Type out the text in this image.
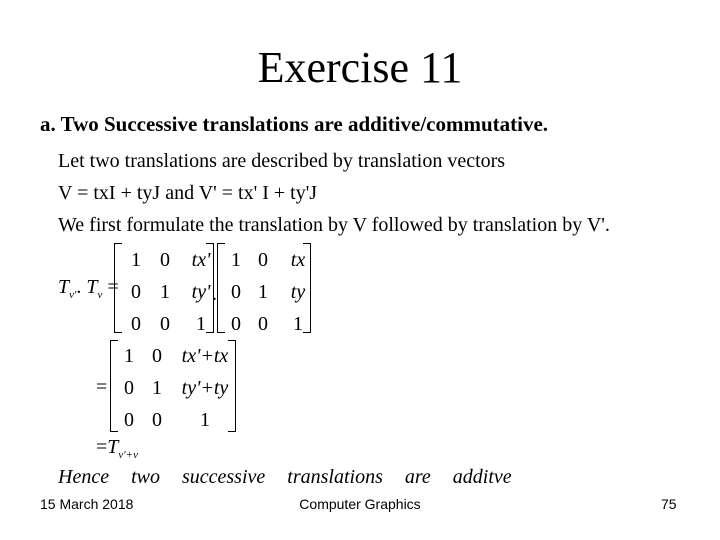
Exercise 11
a. Two Successive translations are additive/commutative.
Let two translations are described by translation vectors
V = txI + tyJ and V' = tx' I + ty'J
We first formulate the translation by V followed by translation by V'.
$T_{v'}$. $T_v$ =
1 0	tx'
0 1	ty'
0 0	1
.
1 0	tx
0 1	ty
0 0	1
=
1 0 tx'+tx
0 1 ty'+ty
0 0	1
$=T_{v'+v}$
Hence two successive translations are additve
15 March 2018	Computer Graphics	75
